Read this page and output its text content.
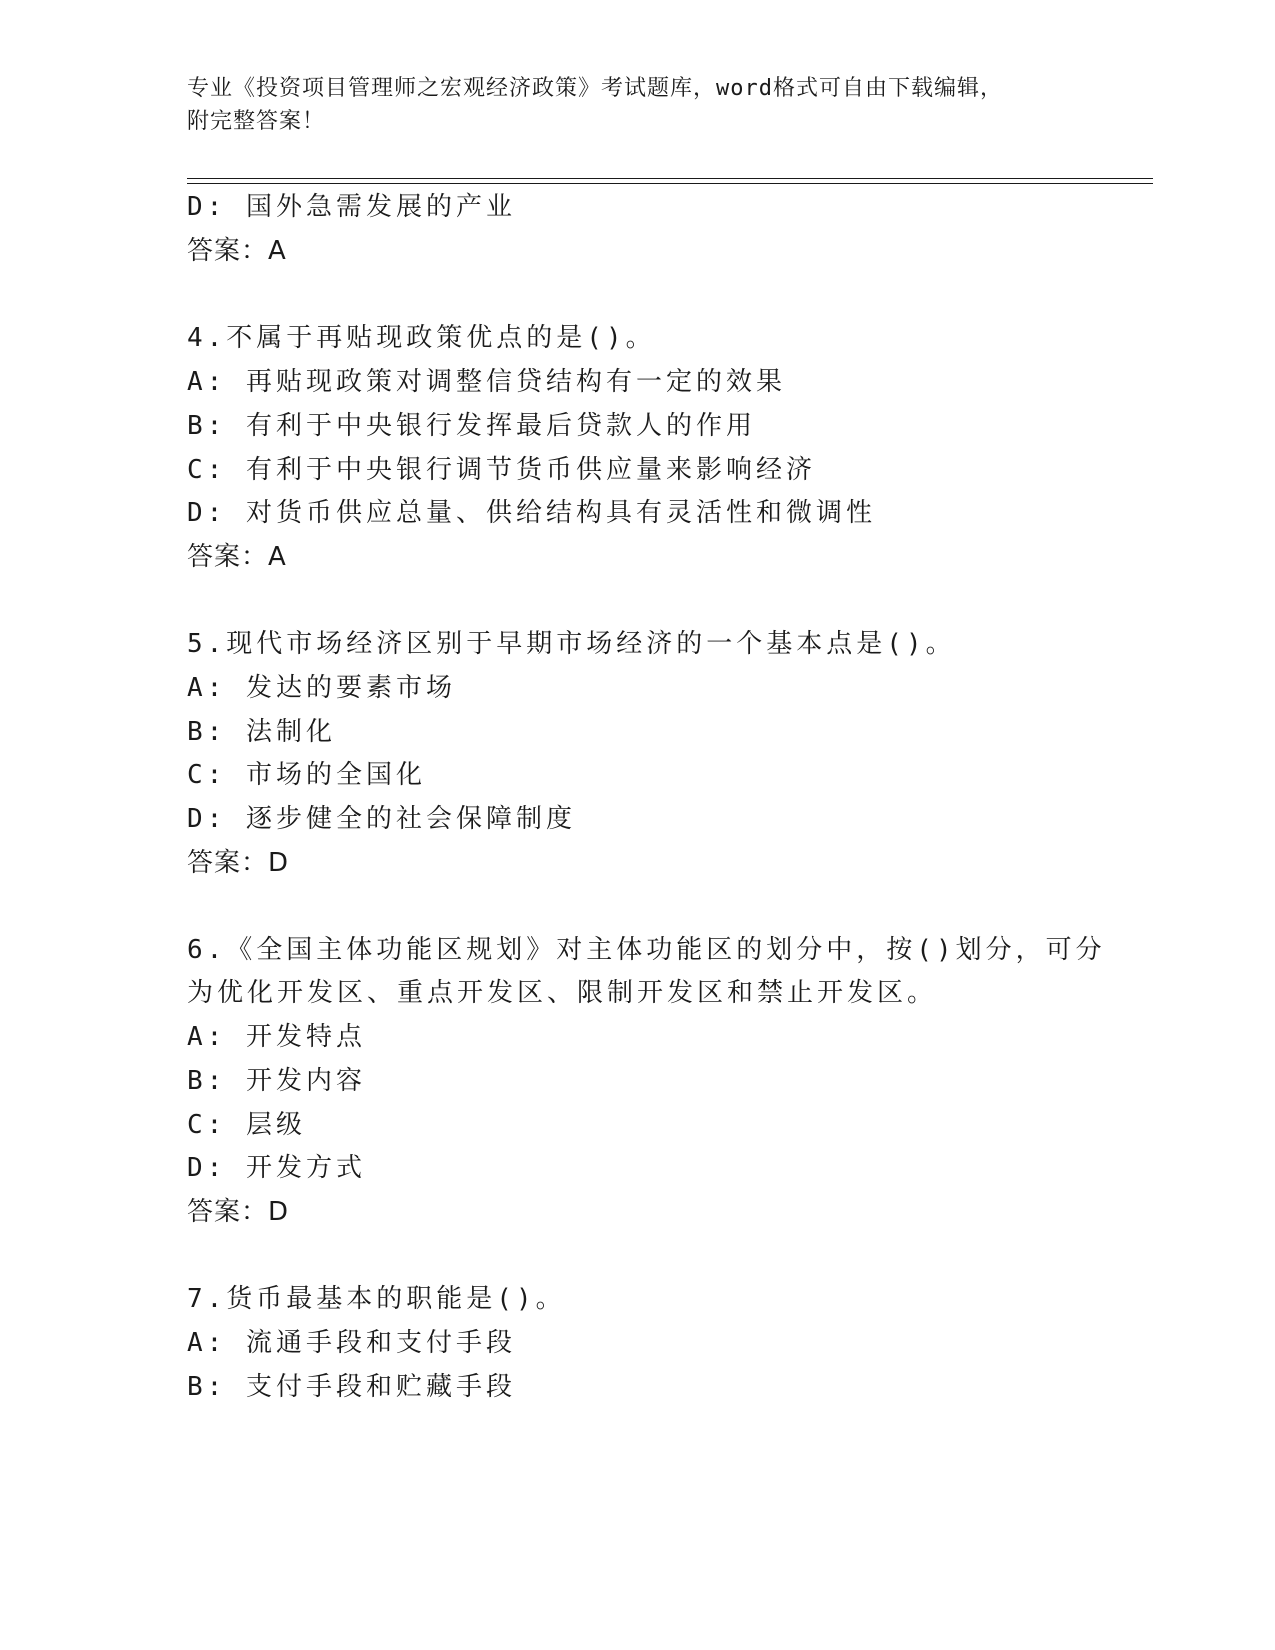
专业《投资项目管理师之宏观经济政策》考试题库，word格式可自由下载编辑，
附完整答案！
D: 国外急需发展的产业
答案：A
4.不属于再贴现政策优点的是()。
A: 再贴现政策对调整信贷结构有一定的效果
B: 有利于中央银行发挥最后贷款人的作用
C: 有利于中央银行调节货币供应量来影响经济
D: 对货币供应总量、供给结构具有灵活性和微调性
答案：A
5.现代市场经济区别于早期市场经济的一个基本点是()。
A: 发达的要素市场
B: 法制化
C: 市场的全国化
D: 逐步健全的社会保障制度
答案：D
6.《全国主体功能区规划》对主体功能区的划分中，按()划分，可分
为优化开发区、重点开发区、限制开发区和禁止开发区。
A: 开发特点
B: 开发内容
C: 层级
D: 开发方式
答案：D
7.货币最基本的职能是()。
A: 流通手段和支付手段
B: 支付手段和贮藏手段
